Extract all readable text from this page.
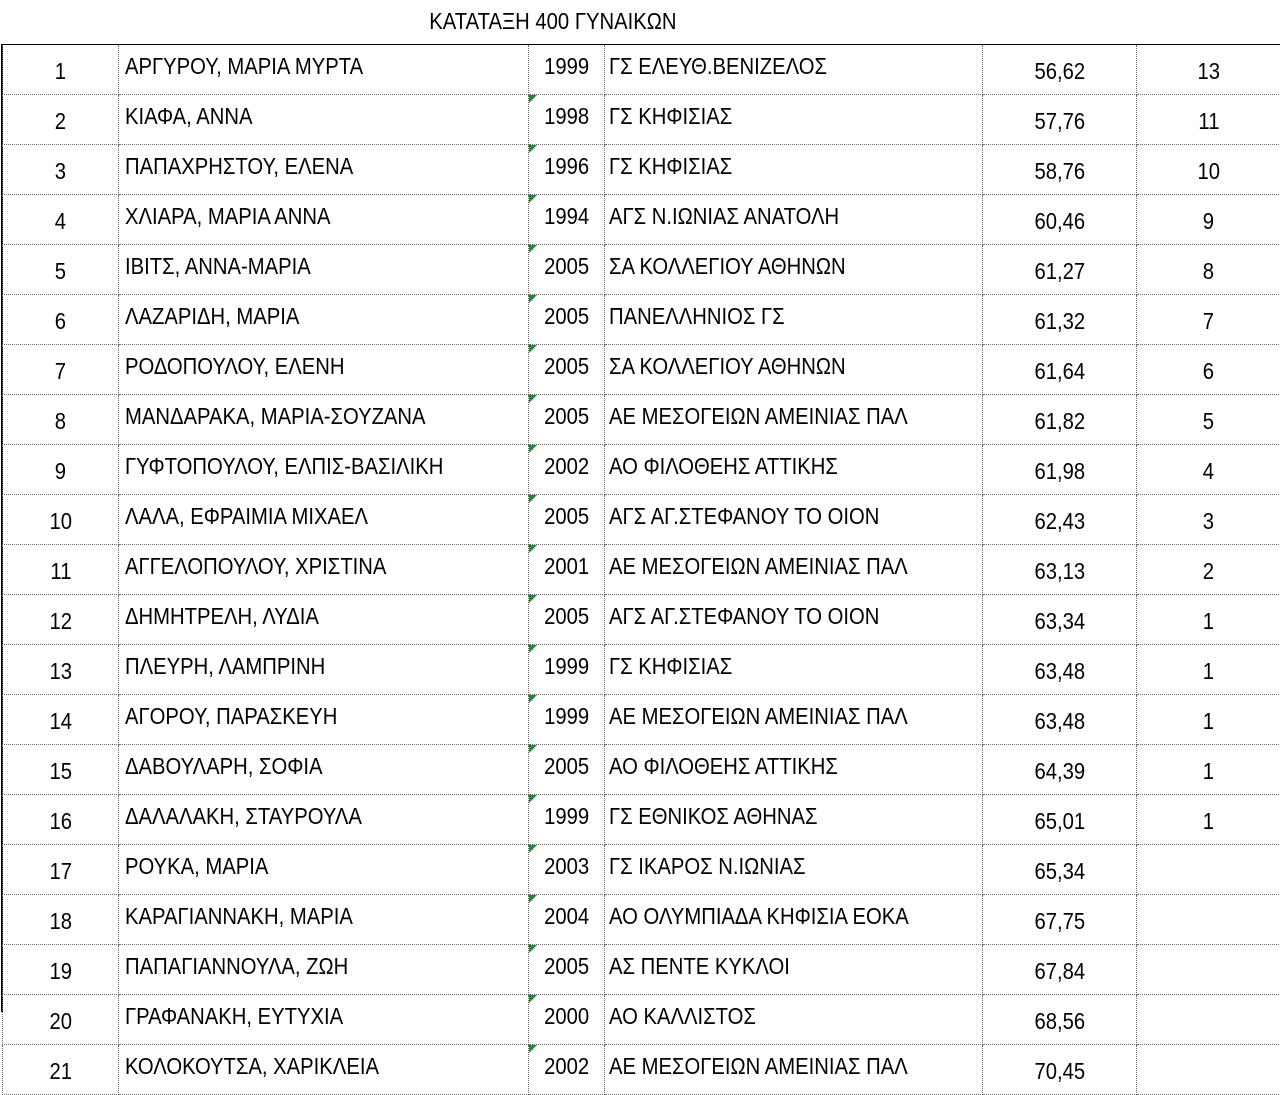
ΚΑΤΑΤΑΞΗ 400 ΓΥΝΑΙΚΩΝ
1	ΑΡΓΥΡΟΥ, ΜΑΡΙΑ ΜΥΡΤΑ	1999	ΓΣ ΕΛΕΥΘ.ΒΕΝΙΖΕΛΟΣ	56,62	13
2	ΚΙΑΦΑ, ΑΝΝΑ	1998	ΓΣ ΚΗΦΙΣΙΑΣ	57,76	11
3	ΠΑΠΑΧΡΗΣΤΟΥ, ΕΛΕΝΑ	1996	ΓΣ ΚΗΦΙΣΙΑΣ	58,76	10
4	ΧΛΙΑΡΑ, ΜΑΡΙΑ ΑΝΝΑ	1994	ΑΓΣ Ν.ΙΩΝΙΑΣ ΑΝΑΤΟΛΗ	60,46	9
5	ΙΒΙΤΣ, ΑΝΝΑ-ΜΑΡΙΑ	2005	ΣΑ ΚΟΛΛΕΓΙΟΥ ΑΘΗΝΩΝ	61,27	8
6	ΛΑΖΑΡΙΔΗ, ΜΑΡΙΑ	2005	ΠΑΝΕΛΛΗΝΙΟΣ ΓΣ	61,32	7
7	ΡΟΔΟΠΟΥΛΟΥ, ΕΛΕΝΗ	2005	ΣΑ ΚΟΛΛΕΓΙΟΥ ΑΘΗΝΩΝ	61,64	6
8	ΜΑΝΔΑΡΑΚΑ, ΜΑΡΙΑ-ΣΟΥΖΑΝΑ	2005	ΑΕ ΜΕΣΟΓΕΙΩΝ ΑΜΕΙΝΙΑΣ ΠΑΛ	61,82	5
9	ΓΥΦΤΟΠΟΥΛΟΥ, ΕΛΠΙΣ-ΒΑΣΙΛΙΚΗ	2002	ΑΟ ΦΙΛΟΘΕΗΣ ΑΤΤΙΚΗΣ	61,98	4
10	ΛΑΛΑ, ΕΦΡΑΙΜΙΑ ΜΙΧΑΕΛ	2005	ΑΓΣ ΑΓ.ΣΤΕΦΑΝΟΥ ΤΟ ΟΙΟΝ	62,43	3
11	ΑΓΓΕΛΟΠΟΥΛΟΥ, ΧΡΙΣΤΙΝΑ	2001	ΑΕ ΜΕΣΟΓΕΙΩΝ ΑΜΕΙΝΙΑΣ ΠΑΛ	63,13	2
12	ΔΗΜΗΤΡΕΛΗ, ΛΥΔΙΑ	2005	ΑΓΣ ΑΓ.ΣΤΕΦΑΝΟΥ ΤΟ ΟΙΟΝ	63,34	1
13	ΠΛΕΥΡΗ, ΛΑΜΠΡΙΝΗ	1999	ΓΣ ΚΗΦΙΣΙΑΣ	63,48	1
14	ΑΓΟΡΟΥ, ΠΑΡΑΣΚΕΥΗ	1999	ΑΕ ΜΕΣΟΓΕΙΩΝ ΑΜΕΙΝΙΑΣ ΠΑΛ	63,48	1
15	ΔΑΒΟΥΛΑΡΗ, ΣΟΦΙΑ	2005	ΑΟ ΦΙΛΟΘΕΗΣ ΑΤΤΙΚΗΣ	64,39	1
16	ΔΑΛΑΛΑΚΗ, ΣΤΑΥΡΟΥΛΑ	1999	ΓΣ ΕΘΝΙΚΟΣ ΑΘΗΝΑΣ	65,01	1
17	ΡΟΥΚΑ, ΜΑΡΙΑ	2003	ΓΣ ΙΚΑΡΟΣ Ν.ΙΩΝΙΑΣ	65,34	
18	ΚΑΡΑΓΙΑΝΝΑΚΗ, ΜΑΡΙΑ	2004	ΑΟ ΟΛΥΜΠΙΑΔΑ ΚΗΦΙΣΙΑ ΕΟΚΑ	67,75	
19	ΠΑΠΑΓΙΑΝΝΟΥΛΑ, ΖΩΗ	2005	ΑΣ ΠΕΝΤΕ ΚΥΚΛΟΙ	67,84	
20	ΓΡΑΦΑΝΑΚΗ, ΕΥΤΥΧΙΑ	2000	ΑΟ ΚΑΛΛΙΣΤΟΣ	68,56	
21	ΚΟΛΟΚΟΥΤΣΑ, ΧΑΡΙΚΛΕΙΑ	2002	ΑΕ ΜΕΣΟΓΕΙΩΝ ΑΜΕΙΝΙΑΣ ΠΑΛ	70,45	
